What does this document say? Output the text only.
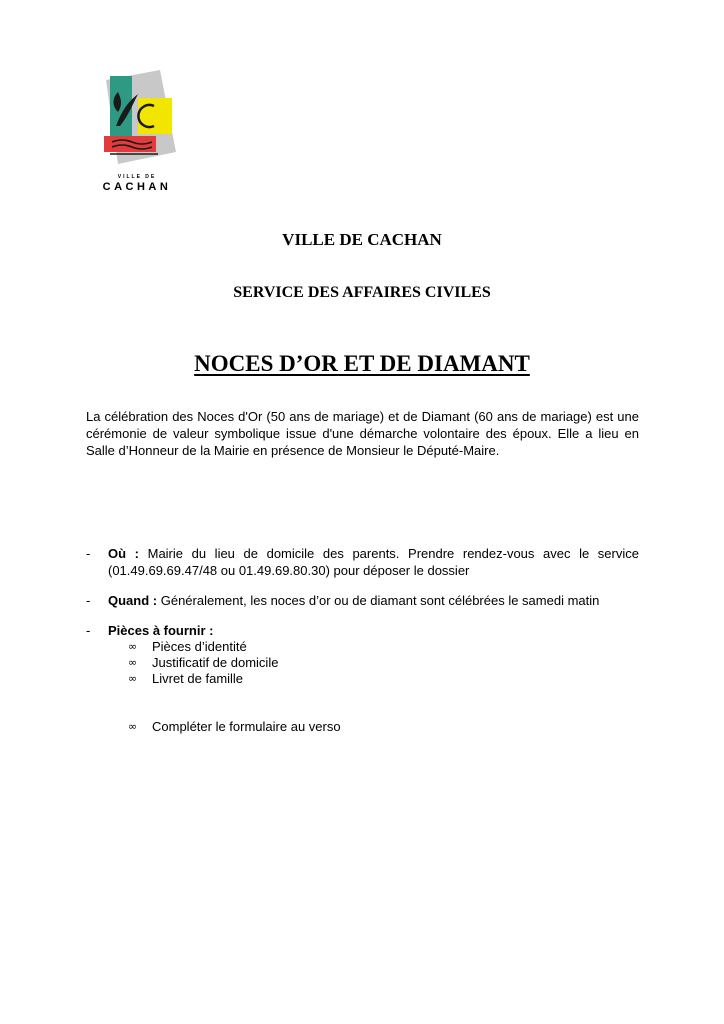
VILLE DE
CACHAN
VILLE DE CACHAN
SERVICE DES AFFAIRES CIVILES
NOCES D’OR ET DE DIAMANT
La célébration des Noces d'Or (50 ans de mariage) et de Diamant (60 ans de mariage) est une cérémonie de valeur symbolique issue d'une démarche volontaire des époux. Elle a lieu en Salle d’Honneur de la Mairie en présence de Monsieur le Député-Maire.
- Où : Mairie du lieu de domicile des parents. Prendre rendez-vous avec le service (01.49.69.69.47/48 ou 01.49.69.80.30) pour déposer le dossier
- Quand : Généralement, les noces d’or ou de diamant sont célébrées le samedi matin
- Pièces à fournir :
∞ Pièces d’identité
∞ Justificatif de domicile
∞ Livret de famille
∞ Compléter le formulaire au verso
